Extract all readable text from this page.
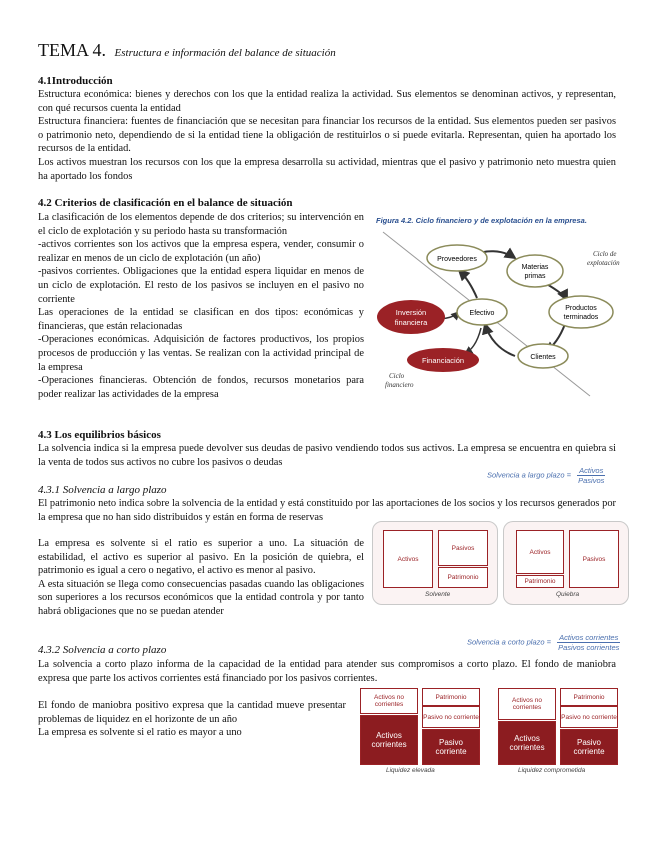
TEMA 4. Estructura e información del balance de situación
4.1Introducción

Estructura económica: bienes y derechos con los que la entidad realiza la actividad. Sus elementos se denominan activos, y representan, con qué recursos cuenta la entidad

Estructura financiera: fuentes de financiación que se necesitan para financiar los recursos de la entidad. Sus elementos pueden ser pasivos o patrimonio neto, dependiendo de si la entidad tiene la obligación de restituirlos o si puede evitarla. Representan, quien ha aportado los recursos de la entidad.

Los activos muestran los recursos con los que la empresa desarrolla su actividad, mientras que el pasivo y patrimonio neto muestra quien ha aportado los fondos

4.2 Criterios de clasificación en el balance de situación

La clasificación de los elementos depende de dos criterios; su intervención en el ciclo de explotación y su periodo hasta su transformación

-activos corrientes son los activos que la empresa espera, vender, consumir o realizar en menos de un ciclo de explotación (un año)

-pasivos corrientes. Obligaciones que la entidad espera liquidar en menos de un ciclo de explotación. El resto de los pasivos se incluyen en el pasivo no corriente

Las operaciones de la entidad se clasifican en dos tipos: económicas y financieras, que están relacionadas

-Operaciones económicas. Adquisición de factores productivos, los propios procesos de producción y las ventas. Se realizan con la actividad principal de la empresa

-Operaciones financieras. Obtención de fondos, recursos monetarios para poder realizar las actividades de la empresa

Figura 4.2. Ciclo financiero y de explotación en la empresa.
Proveedores
Materias
primas
Productos
terminados
Clientes
Efectivo
Inversión
financiera
Financiación
Ciclo de
explotación
Ciclo
financiero
4.3 Los equilibrios básicos

La solvencia indica si la empresa puede devolver sus deudas de pasivo vendiendo todos sus activos. La empresa se encuentra en quiebra si la venta de todos sus activos no cubre los pasivos o deudas

Solvencia a largo plazo = $\frac{\text{Activos}}{\text{Pasivos}}$
4.3.1 Solvencia a largo plazo

El patrimonio neto indica sobre la solvencia de la entidad y está constituido por las aportaciones de los socios y los recursos generados por la empresa que no han sido distribuidos y están en forma de reservas

La empresa es solvente si el ratio es superior a uno. La situación de estabilidad, el activo es superior al pasivo. En la posición de quiebra, el patrimonio es igual a cero o negativo, el activo es menor al pasivo.

A esta situación se llega como consecuencias pasadas cuando las obligaciones son superiores a los recursos económicos que la entidad controla y por tanto habrá obligaciones que no se puedan atender

Activos
Pasivos
Patrimonio
Solvente
Activos
Patrimonio
Pasivos
Quiebra
Solvencia a corto plazo = $\frac{\text{Activos corrientes}}{\text{Pasivos corrientes}}$
4.3.2 Solvencia a corto plazo

La solvencia a corto plazo informa de la capacidad de la entidad para atender sus compromisos a corto plazo. El fondo de maniobra expresa que parte los activos corrientes está financiado por los pasivos corrientes.

El fondo de maniobra positivo expresa que la cantidad mueve presentar problemas de liquidez en el horizonte de un año

La empresa es solvente si el ratio es mayor a uno

Activos no corrientes
Patrimonio
Pasivo no corriente
Activos corrientes	Pasivo corriente
Liquidez elevada
Activos no corrientes
Patrimonio
Pasivo no corriente
Activos corrientes
Pasivo corriente
Liquidez comprometida
